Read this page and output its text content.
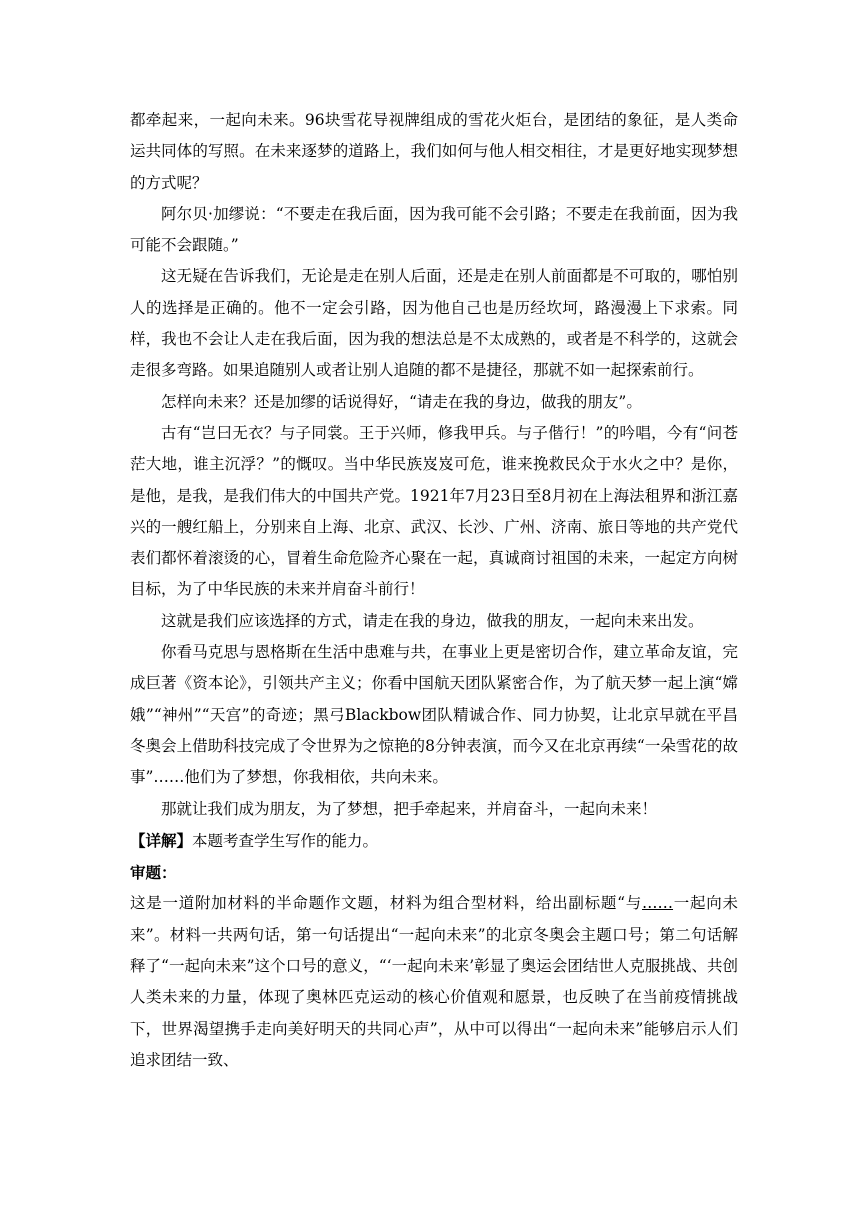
都牵起来，一起向未来。96块雪花导视牌组成的雪花火炬台，是团结的象征，是人类命运共同体的写照。在未来逐梦的道路上，我们如何与他人相交相往，才是更好地实现梦想的方式呢？

阿尔贝·加缪说：“不要走在我后面，因为我可能不会引路；不要走在我前面，因为我可能不会跟随。”

这无疑在告诉我们，无论是走在别人后面，还是走在别人前面都是不可取的，哪怕别人的选择是正确的。他不一定会引路，因为他自己也是历经坎坷，路漫漫上下求索。同样，我也不会让人走在我后面，因为我的想法总是不太成熟的，或者是不科学的，这就会走很多弯路。如果追随别人或者让别人追随的都不是捷径，那就不如一起探索前行。

怎样向未来？还是加缪的话说得好，“请走在我的身边，做我的朋友”。

古有“岂曰无衣？与子同裳。王于兴师，修我甲兵。与子偕行！”的吟唱，今有“问苍茫大地，谁主沉浮？”的慨叹。当中华民族岌岌可危，谁来挽救民众于水火之中？是你，是他，是我，是我们伟大的中国共产党。1921年7月23日至8月初在上海法租界和浙江嘉兴的一艘红船上，分别来自上海、北京、武汉、长沙、广州、济南、旅日等地的共产党代表们都怀着滚烫的心，冒着生命危险齐心聚在一起，真诚商讨祖国的未来，一起定方向树目标，为了中华民族的未来并肩奋斗前行！

这就是我们应该选择的方式，请走在我的身边，做我的朋友，一起向未来出发。

你看马克思与恩格斯在生活中患难与共，在事业上更是密切合作，建立革命友谊，完成巨著《资本论》，引领共产主义；你看中国航天团队紧密合作，为了航天梦一起上演“嫦娥”“神州”“天宫”的奇迹；黑弓Blackbow团队精诚合作、同力协契，让北京早就在平昌冬奥会上借助科技完成了令世界为之惊艳的8分钟表演，而今又在北京再续“一朵雪花的故事”……他们为了梦想，你我相依，共向未来。

那就让我们成为朋友，为了梦想，把手牵起来，并肩奋斗，一起向未来！

【详解】本题考查学生写作的能力。

审题：

这是一道附加材料的半命题作文题，材料为组合型材料，给出副标题“与……一起向未来”。材料一共两句话，第一句话提出“一起向未来”的北京冬奥会主题口号；第二句话解释了“一起向未来”这个口号的意义，“‘一起向未来’彰显了奥运会团结世人克服挑战、共创人类未来的力量，体现了奥林匹克运动的核心价值观和愿景，也反映了在当前疫情挑战下，世界渴望携手走向美好明天的共同心声”，从中可以得出“一起向未来”能够启示人们追求团结一致、
